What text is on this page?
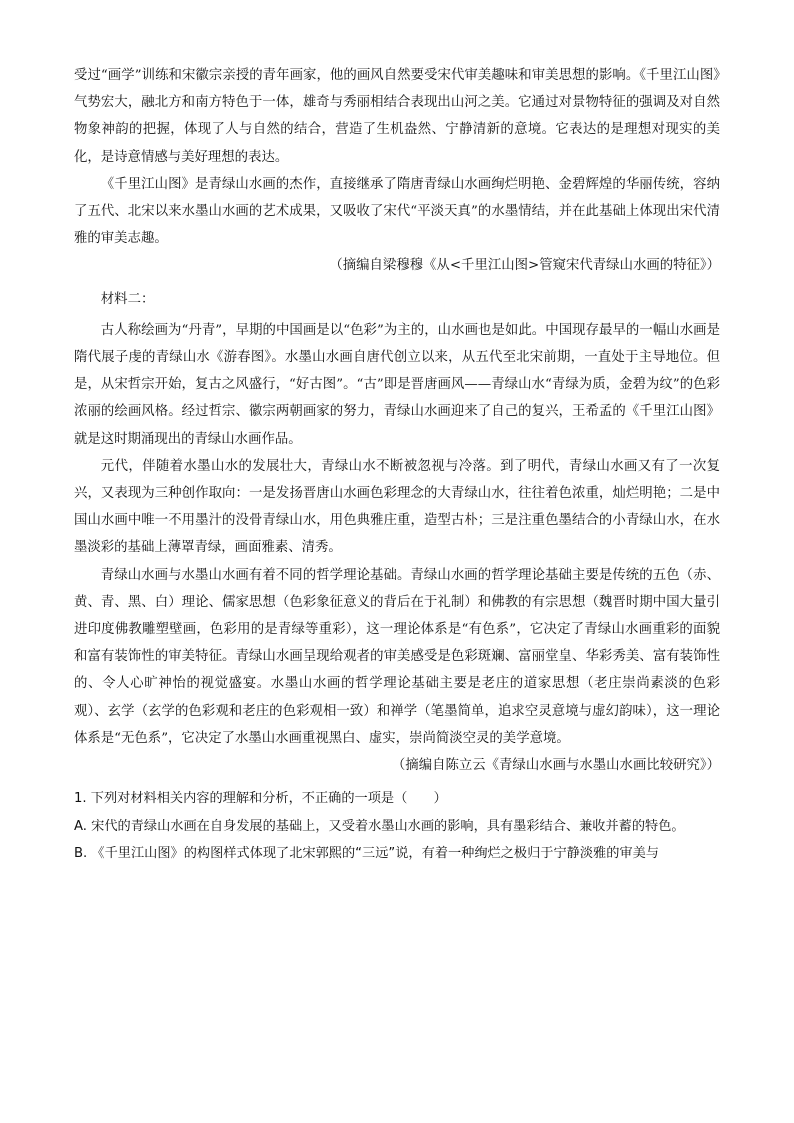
受过“画学”训练和宋徽宗亲授的青年画家，他的画风自然要受宋代审美趣味和审美思想的影响。《千里江山图》气势宏大，融北方和南方特色于一体，雄奇与秀丽相结合表现出山河之美。它通过对景物特征的强调及对自然物象神韵的把握，体现了人与自然的结合，营造了生机盎然、宁静清新的意境。它表达的是理想对现实的美化，是诗意情感与美好理想的表达。

《千里江山图》是青绿山水画的杰作，直接继承了隋唐青绿山水画绚烂明艳、金碧辉煌的华丽传统，容纳了五代、北宋以来水墨山水画的艺术成果，又吸收了宋代“平淡天真”的水墨情结，并在此基础上体现出宋代清雅的审美志趣。

（摘编自梁穆穆《从<千里江山图>管窥宋代青绿山水画的特征》）

材料二：

古人称绘画为“丹青”，早期的中国画是以“色彩”为主的，山水画也是如此。中国现存最早的一幅山水画是隋代展子虔的青绿山水《游春图》。水墨山水画自唐代创立以来，从五代至北宋前期，一直处于主导地位。但是，从宋哲宗开始，复古之风盛行，“好古图”。“古”即是晋唐画风——青绿山水“青绿为质，金碧为纹”的色彩浓丽的绘画风格。经过哲宗、徽宗两朝画家的努力，青绿山水画迎来了自己的复兴，王希孟的《千里江山图》就是这时期涌现出的青绿山水画作品。

元代，伴随着水墨山水的发展壮大，青绿山水不断被忽视与冷落。到了明代，青绿山水画又有了一次复兴，又表现为三种创作取向：一是发扬晋唐山水画色彩理念的大青绿山水，往往着色浓重，灿烂明艳；二是中国山水画中唯一不用墨汁的没骨青绿山水，用色典雅庄重，造型古朴；三是注重色墨结合的小青绿山水，在水墨淡彩的基础上薄罩青绿，画面雅素、清秀。

青绿山水画与水墨山水画有着不同的哲学理论基础。青绿山水画的哲学理论基础主要是传统的五色（赤、黄、青、黑、白）理论、儒家思想（色彩象征意义的背后在于礼制）和佛教的有宗思想（魏晋时期中国大量引进印度佛教雕塑壁画，色彩用的是青绿等重彩），这一理论体系是“有色系”，它决定了青绿山水画重彩的面貌和富有装饰性的审美特征。青绿山水画呈现给观者的审美感受是色彩斑斓、富丽堂皇、华彩秀美、富有装饰性的、令人心旷神怡的视觉盛宴。水墨山水画的哲学理论基础主要是老庄的道家思想（老庄崇尚素淡的色彩观）、玄学（玄学的色彩观和老庄的色彩观相一致）和禅学（笔墨简单，追求空灵意境与虚幻韵味），这一理论体系是“无色系”，它决定了水墨山水画重视黑白、虚实，崇尚简淡空灵的美学意境。

（摘编自陈立云《青绿山水画与水墨山水画比较研究》）

1. 下列对材料相关内容的理解和分析，不正确的一项是（　　）

A. 宋代的青绿山水画在自身发展的基础上，又受着水墨山水画的影响，具有墨彩结合、兼收并蓄的特色。

B. 《千里江山图》的构图样式体现了北宋郭熙的“三远”说，有着一种绚烂之极归于宁静淡雅的审美与
